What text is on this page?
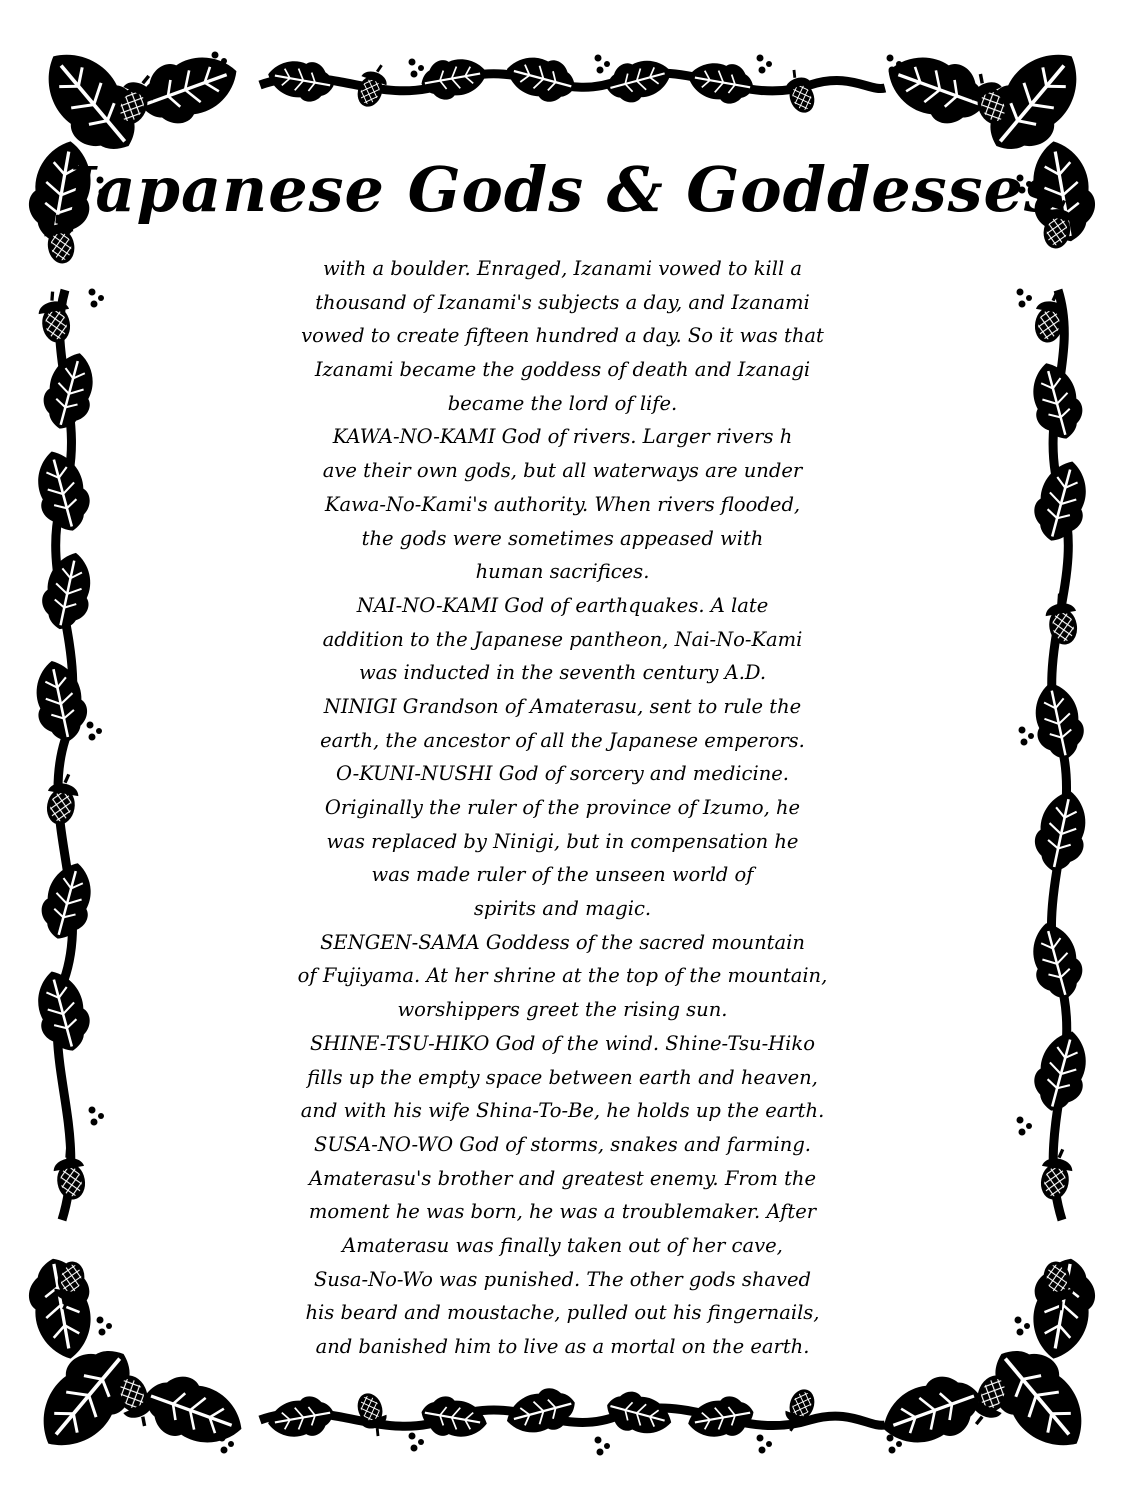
Japanese Gods & Goddesses
with a boulder. Enraged, Izanami vowed to kill a
thousand of Izanami's subjects a day, and Izanami
vowed to create fifteen hundred a day. So it was that
Izanami became the goddess of death and Izanagi
became the lord of life.
KAWA-NO-KAMI God of rivers. Larger rivers h
ave their own gods, but all waterways are under
Kawa-No-Kami's authority. When rivers flooded,
the gods were sometimes appeased with
human sacrifices.
NAI-NO-KAMI God of earthquakes. A late
addition to the Japanese pantheon, Nai-No-Kami
was inducted in the seventh century A.D.
NINIGI Grandson of Amaterasu, sent to rule the
earth, the ancestor of all the Japanese emperors.
O-KUNI-NUSHI God of sorcery and medicine.
Originally the ruler of the province of Izumo, he
was replaced by Ninigi, but in compensation he
was made ruler of the unseen world of
spirits and magic.
SENGEN-SAMA Goddess of the sacred mountain
of Fujiyama. At her shrine at the top of the mountain,
worshippers greet the rising sun.
SHINE-TSU-HIKO God of the wind. Shine-Tsu-Hiko
fills up the empty space between earth and heaven,
and with his wife Shina-To-Be, he holds up the earth.
SUSA-NO-WO God of storms, snakes and farming.
Amaterasu's brother and greatest enemy. From the
moment he was born, he was a troublemaker. After
Amaterasu was finally taken out of her cave,
Susa-No-Wo was punished. The other gods shaved
his beard and moustache, pulled out his fingernails,
and banished him to live as a mortal on the earth.
